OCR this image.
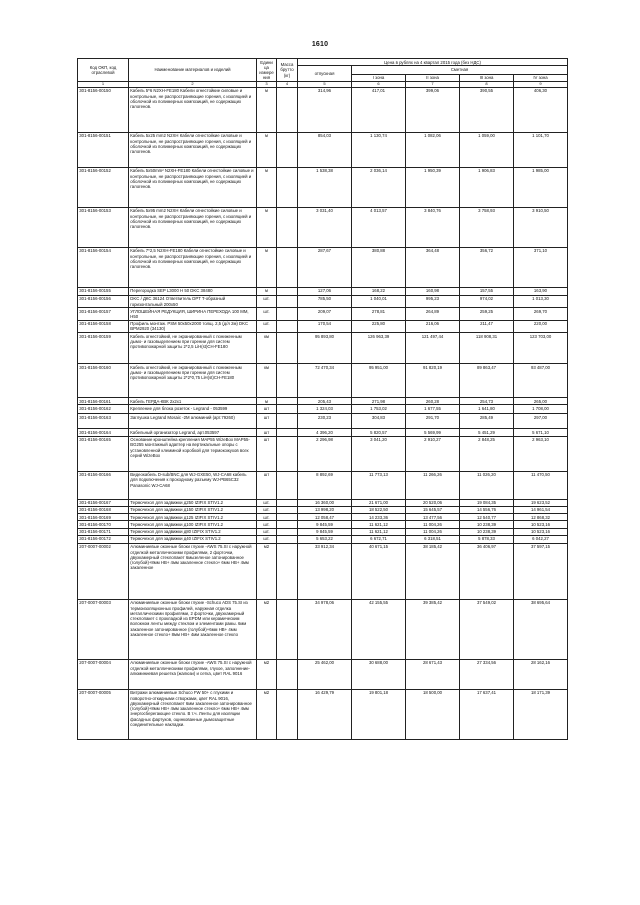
1610
Код ОКП, код отраслевой	Наименование материалов и изделий	Едини ца измере ния	Масса брутто (кг)	Цена в рублях на 4 квартал 2015 года (без НДС)				
				отпускная	Сметная			
					I зона	II зона	III зона	IV зона
1	2	3	4	5	6	7	8	9
301-8156-00150	Кабель 5*6 N2XH-FE180 Кабели огнестойкие силовые и контрольные, не распространяющие горения, с изоляцией и оболочкой из полимерных композиций, не содержащих галогенов.	м		314,96	417,01	399,06	390,55	406,30
301-8156-00151	Кабель 5x25 mm2 N2XH Кабели огнестойкие силовые и контрольные, не распространяющие горения, с изоляцией и оболочкой из полимерных композиций, не содержащих галогенов.	м		854,03	1 130,74	1 082,06	1 059,00	1 101,70
301-8156-00152	Кабель 5x50mm² N2XH-FE180 Кабели огнестойкие силовые и контрольные, не распространяющие горения, с изоляцией и оболочкой из полимерных композиций, не содержащих галогенов.	м		1 538,38	2 036,14	1 950,39	1 906,83	1 985,00
301-8156-00153	Кабель 5x95 mm2 N2XH Кабели огнестойкие силовые и контрольные, не распространяющие горения, с изоляцией и оболочкой из полимерных композиций, не содержащих галогенов.	м		3 031,40	4 013,57	3 840,76	3 758,93	3 910,50
301-8156-00154	Кабель 7*2,5 N2XH-FE180 Кабели огнестойкие силовые и контрольные, не распространяющие горения, с изоляцией и оболочкой из полимерных композиций, не содержащих галогенов.	м		287,67	380,88	364,48	356,72	371,10
301-8156-00155	Перегородка SEP L3000 H 50 DKC 38480	м		127,06	168,22	160,98	157,55	163,90
301-8156-00156	DKC / ДКС 36124 Ответвитель DPT T-образный горизонтальный 200x50	шт.		785,50	1 040,01	995,23	974,02	1 013,30
301-8156-00157	УГЛОШЕЙНАЯ РЕДУКЦИЯ, ШИРИНА ПЕРЕХОДА 100 ММ, H50	шт.		209,07	278,81	264,89	259,25	269,70
301-8156-00158	Профиль монтаж. PSM 50x50x2000 толщ. 2,5 (д/л 2м) DKC BPM2920 (34130)	шт.		170,54	225,80	216,06	211,47	220,00
301-8156-00159	Кабель огнестойкий, не экранированный с пониженным дымо- и газовыделением при горении для систем противопожарной защиты 2*2,5 LiH(st)CH-FE180	км		95 893,80	126 963,39	121 497,44	118 908,31	123 703,00
301-8156-00160	Кабель огнестойкий, не экранированный с пониженным дымо- и газовыделением при горении для систем противопожарной защиты 2*2*0,75 LiH(st)CH-FE180	км		72 470,34	95 951,00	91 820,19	89 863,47	93 487,00
301-8156-00161	Кабель ГЕРДА-КВК 2х2х1	м		205,43	271,98	260,28	254,73	265,00
301-8156-00162	Крепление для блока розеток - Legrand - 053599	шт		1 324,03	1 753,02	1 677,55	1 641,80	1 708,00
301-8156-00163	Заглушка Legrand Mosaic -2M алюминий (арт.79260)	шт		230,23	304,83	291,70	285,49	297,00
301-8156-00164	Кабельный организатор Legrand, арт.053597	шт		4 396,20	5 820,57	5 569,99	5 451,29	5 671,10
301-8156-00165	Основание кронштейна крепления MAP55 WizeBox MAP55-BG255 монтажный адаптер на вертикальные опоры с установленной клеммной коробкой для термокожухов всех серий WizeBox	шт		2 296,98	3 041,20	2 910,27	2 848,25	2 963,10
301-8156-00166	Видеокабель D-sub/BNC для WJ-GXE50, WJ-CA68 кабель для подключения к проходному разъему WJ-PB65C32 Panasonic WJ-CA68	шт		8 892,69	11 773,13	11 266,26	11 026,20	11 470,50
301-8156-00167	Термочехол для задвижки д250 IZIFIX STIV1.2	шт.		16 360,00	21 671,00	20 520,06	19 084,35	19 623,52
301-8156-00168	Термочехол для задвижки д150 IZIFIX STIV1.2	шт.		13 998,20	18 522,50	15 645,57	14 556,76	14 961,54
301-8156-00169	Термочехол для задвижки д125 IZIFIX STIV1.2	шт.		12 058,47	14 233,36	13 477,56	12 540,77	12 868,32
301-8156-00170	Термочехол для задвижки д100 IZIFIX STIV1.2	шт.		9 845,59	11 621,12	11 004,26	10 238,39	10 523,16
301-8156-00171	Термочехол для задвижки д80 IZIFIX STIV1.2	шт.		9 845,59	11 621,12	11 004,26	10 238,39	10 523,16
301-8156-00172	Термочехол для задвижки д40 IZIFIX STIV1.2	шт.		5 653,22	6 672,71	6 318,51	5 878,33	6 042,27
207-0007-00002	Алюминиевые оконные блоки глухие -AWS 75.SI с наружной отделкой металлическими профилями, 2 форточки, двухкамерный стеклопакет 6мызеленое затонированное (голубой)+8мм НВ+ 4мм закаленное стекло+ 6мм НВ+ 4мм закаленное	м2		33 912,34	40 671,15	38 185,42	36 406,97	37 597,15
207-0007-00003	Алюминиевые оконные блоки глухие -Schuco ADS 75.SI из термоизоляционных профилей, наружная отделка металлическими профилями, 2 форточки, двухкамерный стеклопакет с прокладкой из EPDM или керамическим волокном ленты между стеклом и элементами рамы. 6мм закаленное затонированное (голубой)+6мм НВ+ 4мм закаленное стекло+ 8мм НВ+ 4мм закаленное стекло	м2		34 978,06	42 155,55	39 385,42	37 549,02	38 695,64
207-0007-00004	Алюминиевые оконные блоки глухие -AWS 75.SI с наружной отделкой металлическими профилями, глухое, заполнение-алюминиевая решетка (жалюзи) и сетка, цвет RAL 9016	м2		25 462,00	30 688,00	28 671,43	27 334,56	28 162,16
207-0007-00005	Витражи алюминиевые Schuco FW 50+ с глухими и поворотно-откидными створками, цвет RAL 9016, двухкамерный стеклопакет 6мм закаленное затонированное (голубой)+8мм НВ+ 4мм закаленное стекло+ 6мм НВ+ 4мм энергосберегающее стекло. В т.ч. Ленты для изоляции фасадных фартуков, оцинкованные дымозащитные соединительные накладки.	м2		16 429,79	19 801,18	18 500,00	17 637,41	18 171,39
